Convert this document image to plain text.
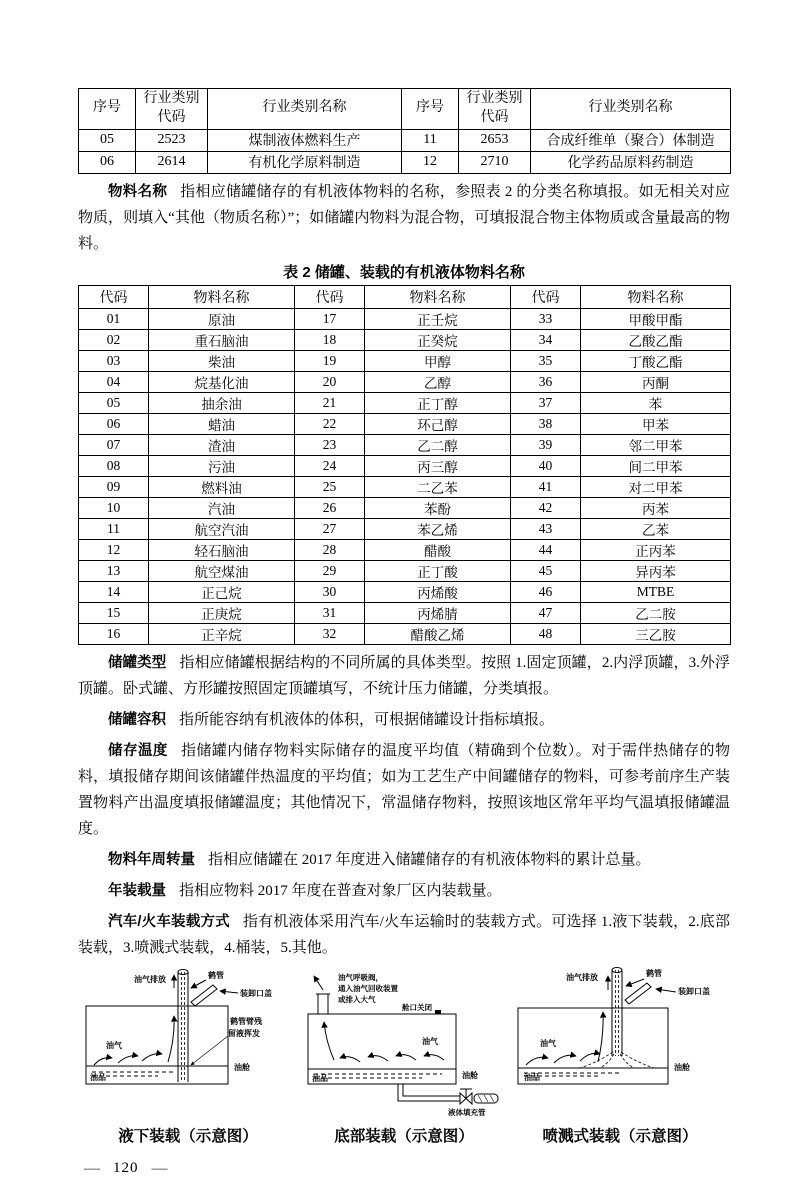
序号	行业类别代码	行业类别名称	序号	行业类别代码	行业类别名称
05	2523	煤制液体燃料生产	11	2653	合成纤维单（聚合）体制造
06	2614	有机化学原料制造	12	2710	化学药品原料药制造

物料名称 指相应储罐储存的有机液体物料的名称，参照表 2 的分类名称填报。如无相关对应物质，则填入“其他（物质名称）”；如储罐内物料为混合物，可填报混合物主体物质或含量最高的物料。

表 2 储罐、装载的有机液体物料名称
代码	物料名称	代码	物料名称	代码	物料名称
01	原油	17	正壬烷	33	甲酸甲酯
02	重石脑油	18	正癸烷	34	乙酸乙酯
03	柴油	19	甲醇	35	丁酸乙酯
04	烷基化油	20	乙醇	36	丙酮
05	抽余油	21	正丁醇	37	苯
06	蜡油	22	环己醇	38	甲苯
07	渣油	23	乙二醇	39	邻二甲苯
08	污油	24	丙三醇	40	间二甲苯
09	燃料油	25	二乙苯	41	对二甲苯
10	汽油	26	苯酚	42	丙苯
11	航空汽油	27	苯乙烯	43	乙苯
12	轻石脑油	28	醋酸	44	正丙苯
13	航空煤油	29	正丁酸	45	异丙苯
14	正己烷	30	丙烯酸	46	MTBE
15	正庚烷	31	丙烯腈	47	乙二胺
16	正辛烷	32	醋酸乙烯	48	三乙胺

储罐类型 指相应储罐根据结构的不同所属的具体类型。按照 1.固定顶罐，2.内浮顶罐，3.外浮顶罐。卧式罐、方形罐按照固定顶罐填写，不统计压力储罐，分类填报。

储罐容积 指所能容纳有机液体的体积，可根据储罐设计指标填报。

储存温度 指储罐内储存物料实际储存的温度平均值（精确到个位数）。对于需伴热储存的物料，填报储存期间该储罐伴热温度的平均值；如为工艺生产中间罐储存的物料，可参考前序生产装置物料产出温度填报储罐温度；其他情况下，常温储存物料，按照该地区常年平均气温填报储罐温度。

物料年周转量 指相应储罐在 2017 年度进入储罐储存的有机液体物料的累计总量。

年装载量 指相应物料 2017 年度在普查对象厂区内装载量。

汽车/火车装载方式 指有机液体采用汽车/火车运输时的装载方式。可选择 1.液下装载，2.底部装载，3.喷溅式装载，4.桶装，5.其他。

油气排放	鹤管
装卸口盖
鹤管臂残
留液挥发
油气
油品
油舱
液下装载（示意图）
油气呼吸阀，
通入油气回收装置
或排入大气
舱口关闭
油气
油品	油舱
液体填充管
底部装载（示意图）
油气排放	鹤管
装卸口盖
油气
油品
油舱
喷溅式装载（示意图）
— 120 —
